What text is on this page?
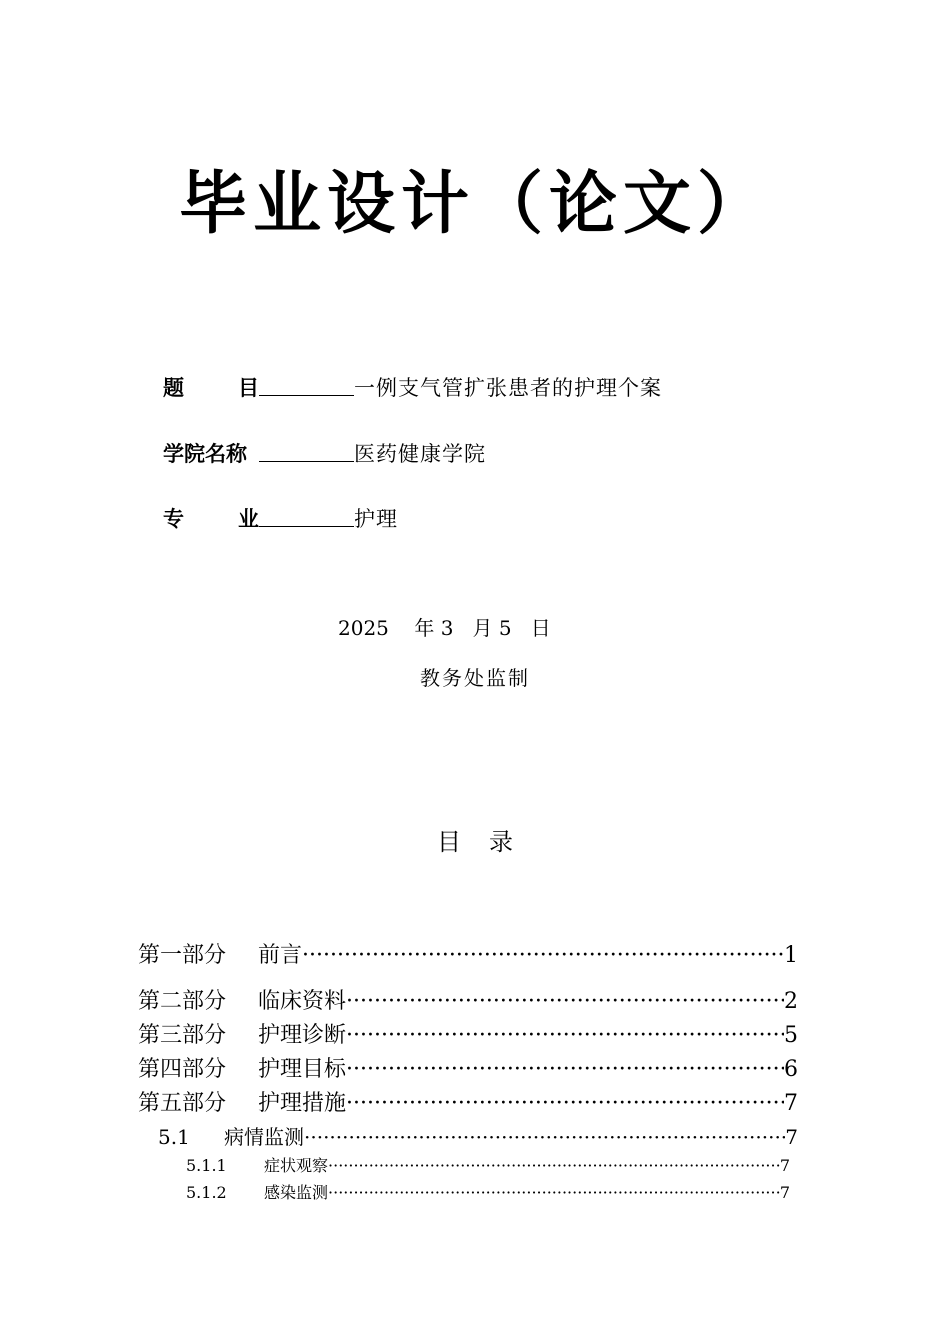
毕业设计（论文）
题	目	一例支气管扩张患者的护理个案
学院名称	医药健康学院
专	业	护理
2025 年 3 月 5 日
教务处监制
目 录
第一部分	前言 ·····	1
第二部分	临床资料 ·····	2
第三部分	护理诊断 ·····	5
第四部分	护理目标 ·····	6
第五部分	护理措施 ·····	7
5.1	病情监测 ·····	7
5.1.1	症状观察 ·····	7
5.1.2	感染监测 ·····	7
